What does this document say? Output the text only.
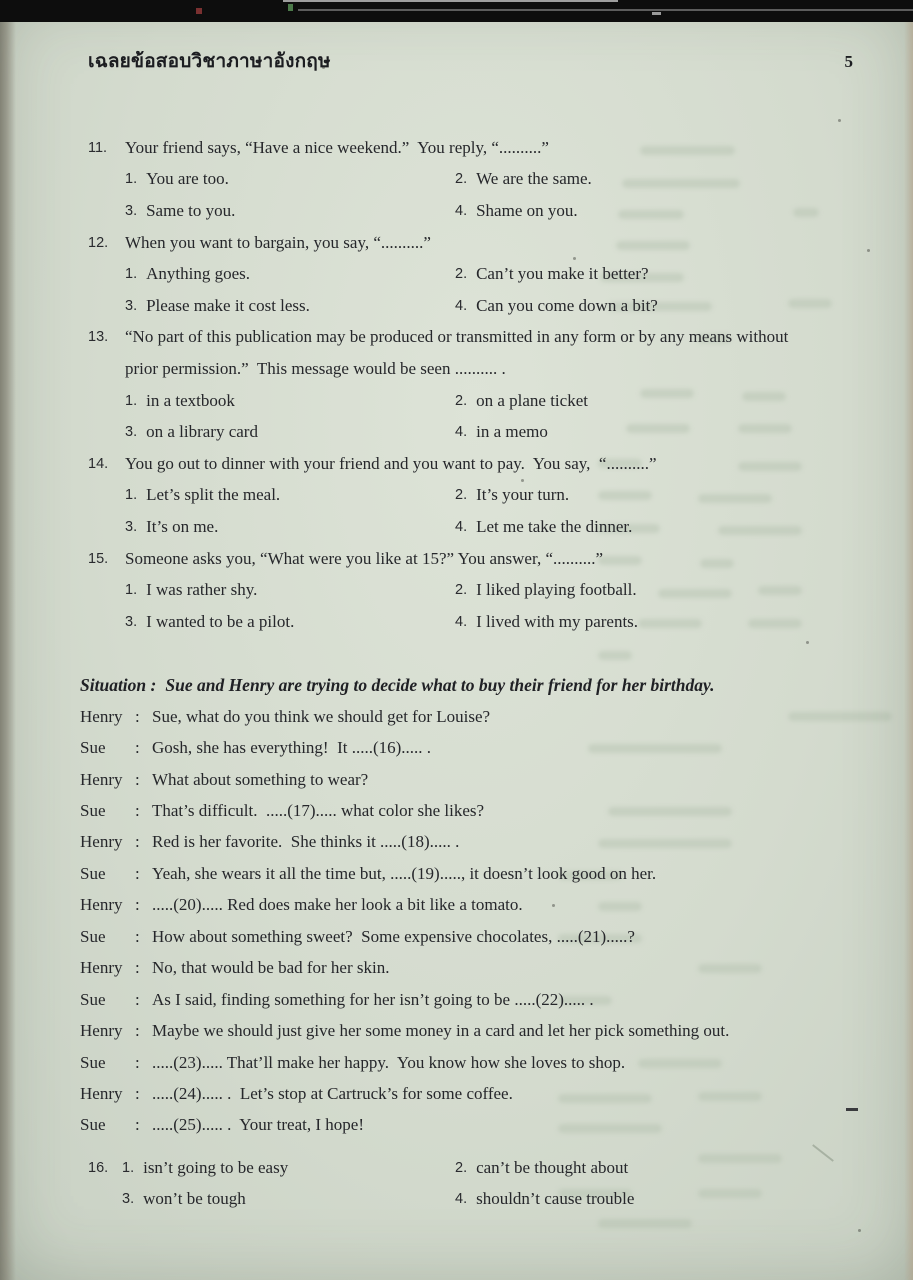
เฉลยข้อสอบวิชาภาษาอังกฤษ	5
11.	Your friend says, “Have a nice weekend.”  You reply, “..........”
1. You are too.	2. We are the same.
3. Same to you.	4. Shame on you.
12. When you want to bargain, you say, “..........”
1. Anything goes.	2. Can’t you make it better?
3. Please make it cost less.	4. Can you come down a bit?
13. “No part of this publication may be produced or transmitted in any form or by any means without
prior permission.”  This message would be seen .......... .
1. in a textbook	2. on a plane ticket
3. on a library card	4. in a memo
14. You go out to dinner with your friend and you want to pay.  You say,  “..........”
1. Let’s split the meal.	2. It’s your turn.
3. It’s on me.	4. Let me take the dinner.
15. Someone asks you, “What were you like at 15?” You answer, “..........”
1. I was rather shy.	2. I liked playing football.
3. I wanted to be a pilot.	4. I lived with my parents.
Situation : Sue and Henry are trying to decide what to buy their friend for her birthday.
Henry : Sue, what do you think we should get for Louise?
Sue	: Gosh, she has everything!  It .....(16)..... .
Henry : What about something to wear?
Sue	: That’s difficult.  .....(17)..... what color she likes?
Henry : Red is her favorite.  She thinks it .....(18)..... .
Sue	: Yeah, she wears it all the time but, .....(19)....., it doesn’t look good on her.
Henry : .....(20)..... Red does make her look a bit like a tomato.
Sue	: How about something sweet?  Some expensive chocolates, .....(21).....?
Henry : No, that would be bad for her skin.
Sue	: As I said, finding something for her isn’t going to be .....(22)..... .
Henry : Maybe we should just give her some money in a card and let her pick something out.
Sue	: .....(23)..... That’ll make her happy.  You know how she loves to shop.
Henry : .....(24)..... .  Let’s stop at Cartruck’s for some coffee.
Sue	: .....(25)..... .  Your treat, I hope!
16. 1. isn’t going to be easy	2. can’t be thought about
3. won’t be tough	4. shouldn’t cause trouble
